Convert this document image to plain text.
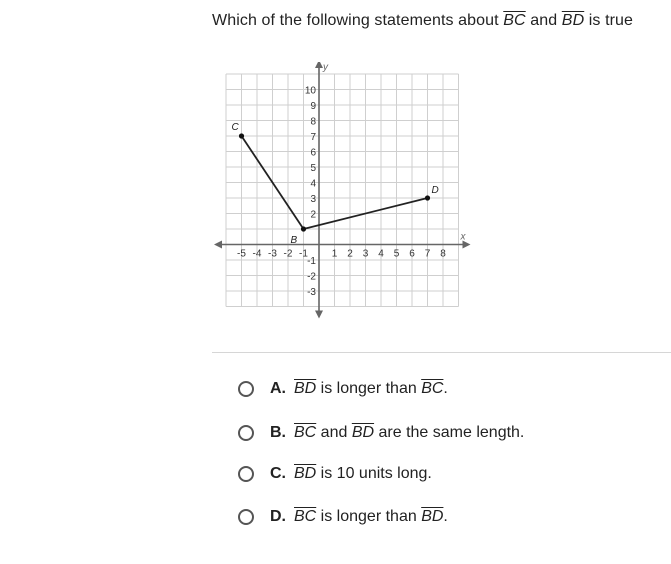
Which of the following statements about $\overline{BC}$ and $\overline{BD}$ is true
x
y
-5 -4 -3 -2 -1 1 2 3 4 5 6 7 8
10
9
8
7
6
5
4
3
2
-1
-2
-3
C
B
D
A. $\overline{BD}$ is longer than $\overline{BC}$ .
B. $\overline{BC}$ and $\overline{BD}$ are the same length.
C. $\overline{BD}$ is 10 units long.
D. $\overline{BC}$ is longer than $\overline{BD}$ .
